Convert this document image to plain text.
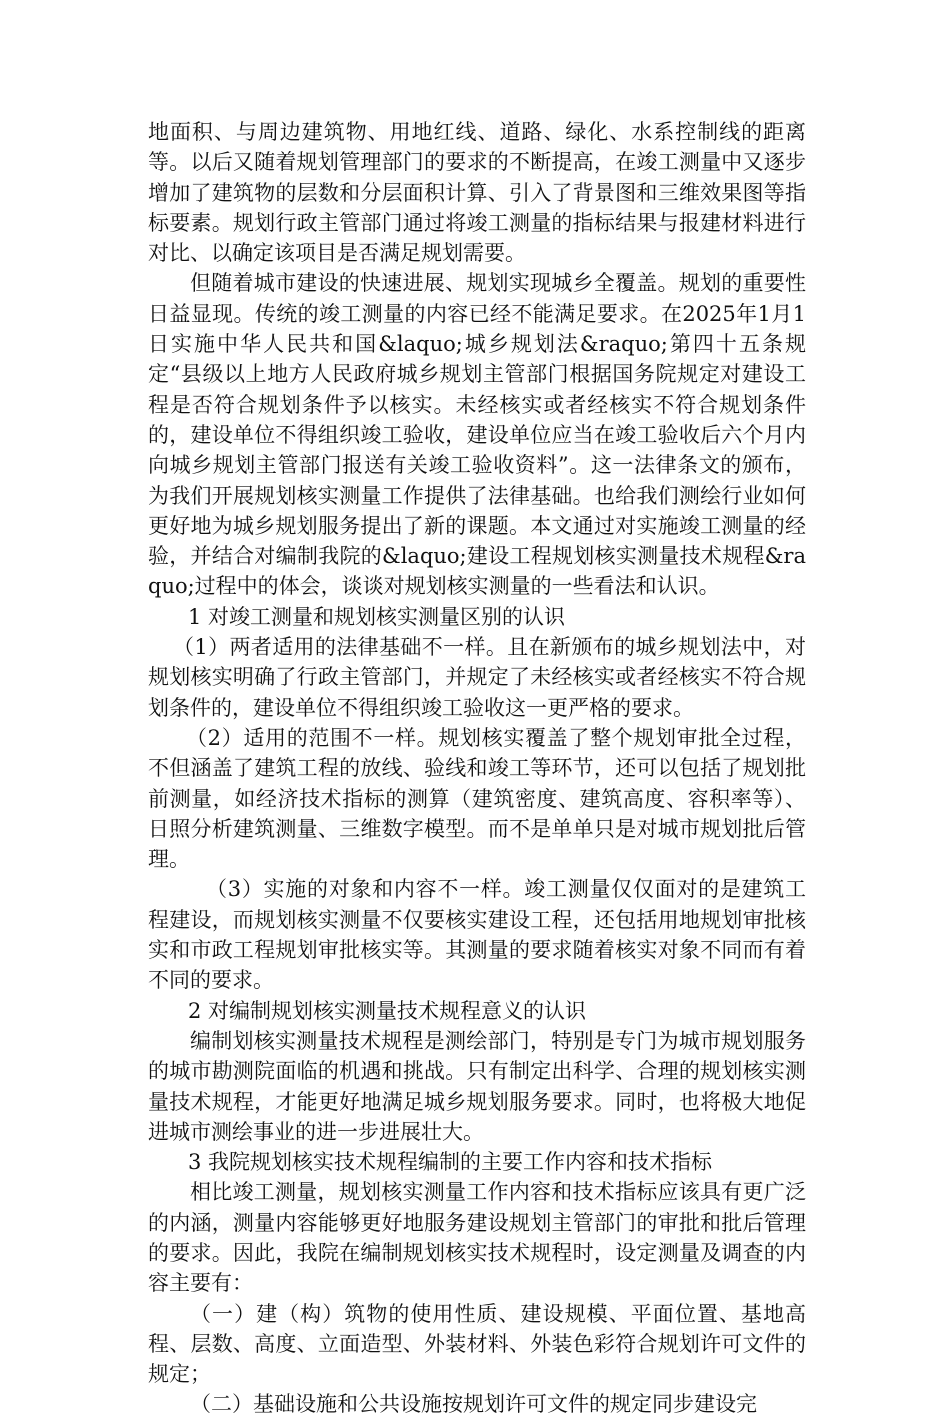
地面积、与周边建筑物、用地红线、道路、绿化、水系控制线的距离等。以后又随着规划管理部门的要求的不断提高，在竣工测量中又逐步增加了建筑物的层数和分层面积计算、引入了背景图和三维效果图等指标要素。规划行政主管部门通过将竣工测量的指标结果与报建材料进行对比、以确定该项目是否满足规划需要。

但随着城市建设的快速进展、规划实现城乡全覆盖。规划的重要性日益显现。传统的竣工测量的内容已经不能满足要求。在2025年1月1日实施中华人民共和国&laquo;城乡规划法&raquo;第四十五条规定“县级以上地方人民政府城乡规划主管部门根据国务院规定对建设工程是否符合规划条件予以核实。未经核实或者经核实不符合规划条件的，建设单位不得组织竣工验收，建设单位应当在竣工验收后六个月内向城乡规划主管部门报送有关竣工验收资料”。这一法律条文的颁布，为我们开展规划核实测量工作提供了法律基础。也给我们测绘行业如何更好地为城乡规划服务提出了新的课题。本文通过对实施竣工测量的经验，并结合对编制我院的&laquo;建设工程规划核实测量技术规程&raquo;过程中的体会，谈谈对规划核实测量的一些看法和认识。

1 对竣工测量和规划核实测量区别的认识

（1）两者适用的法律基础不一样。且在新颁布的城乡规划法中，对规划核实明确了行政主管部门，并规定了未经核实或者经核实不符合规划条件的，建设单位不得组织竣工验收这一更严格的要求。

（2）适用的范围不一样。规划核实覆盖了整个规划审批全过程，不但涵盖了建筑工程的放线、验线和竣工等环节，还可以包括了规划批前测量，如经济技术指标的测算（建筑密度、建筑高度、容积率等）、日照分析建筑测量、三维数字模型。而不是单单只是对城市规划批后管理。

（3）实施的对象和内容不一样。竣工测量仅仅面对的是建筑工程建设，而规划核实测量不仅要核实建设工程，还包括用地规划审批核实和市政工程规划审批核实等。其测量的要求随着核实对象不同而有着不同的要求。

2 对编制规划核实测量技术规程意义的认识

编制划核实测量技术规程是测绘部门，特别是专门为城市规划服务的城市勘测院面临的机遇和挑战。只有制定出科学、合理的规划核实测量技术规程，才能更好地满足城乡规划服务要求。同时，也将极大地促进城市测绘事业的进一步进展壮大。

3 我院规划核实技术规程编制的主要工作内容和技术指标

相比竣工测量，规划核实测量工作内容和技术指标应该具有更广泛的内涵，测量内容能够更好地服务建设规划主管部门的审批和批后管理的要求。因此，我院在编制规划核实技术规程时，设定测量及调查的内容主要有：

（一）建（构）筑物的使用性质、建设规模、平面位置、基地高程、层数、高度、立面造型、外装材料、外装色彩符合规划许可文件的规定；

（二）基础设施和公共设施按规划许可文件的规定同步建设完
